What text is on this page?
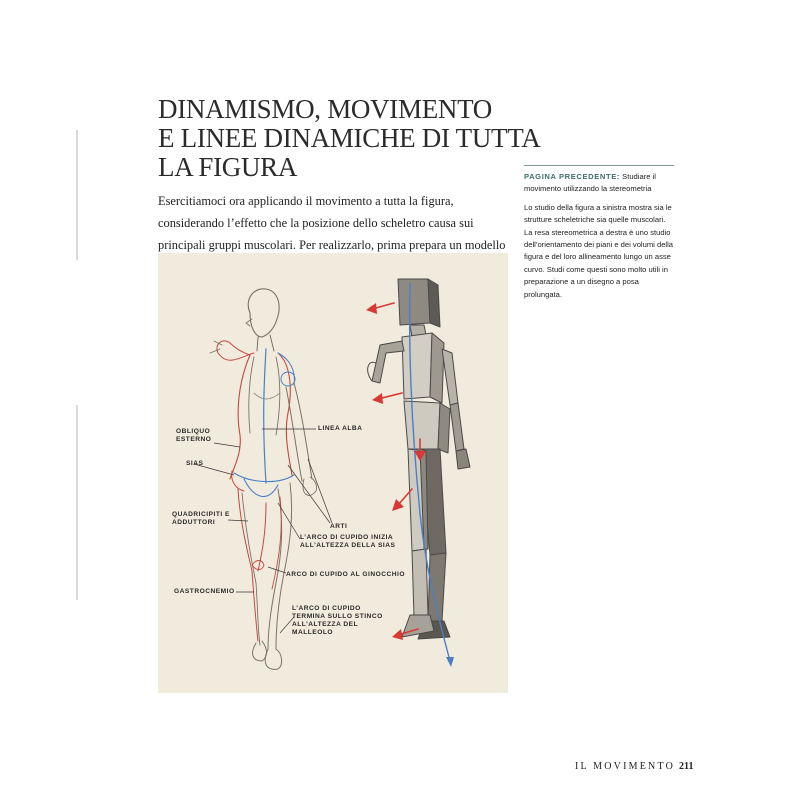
DINAMISMO, MOVIMENTO
E LINEE DINAMICHE DI TUTTA
LA FIGURA

Esercitiamoci ora applicando il movimento a tutta la figura, considerando l’effetto che la posizione dello scheletro causa sui principali gruppi muscolari. Per realizzarlo, prima prepara un modello

PAGINA PRECEDENTE: Studiare il movimento utilizzando la stereometria

Lo studio della figura a sinistra mostra sia le strutture scheletriche sia quelle muscolari. La resa stereometrica a destra è uno studio dell’orientamento dei piani e dei volumi della figura e del loro allineamento lungo un asse curvo. Studi come questi sono molto utili in preparazione a un disegno a posa prolungata.

OBLIQUO
ESTERNO
LINEA ALBA
SIAS
QUADRICIPITI E
ADDUTTORI
ARTI
L’ARCO DI CUPIDO INIZIA
ALL’ALTEZZA DELLA SIAS
ARCO DI CUPIDO AL GINOCCHIO
GASTROCNEMIO
L’ARCO DI CUPIDO
TERMINA SULLO STINCO
ALL’ALTEZZA DEL
MALLEOLO
IL MOVIMENTO 211
